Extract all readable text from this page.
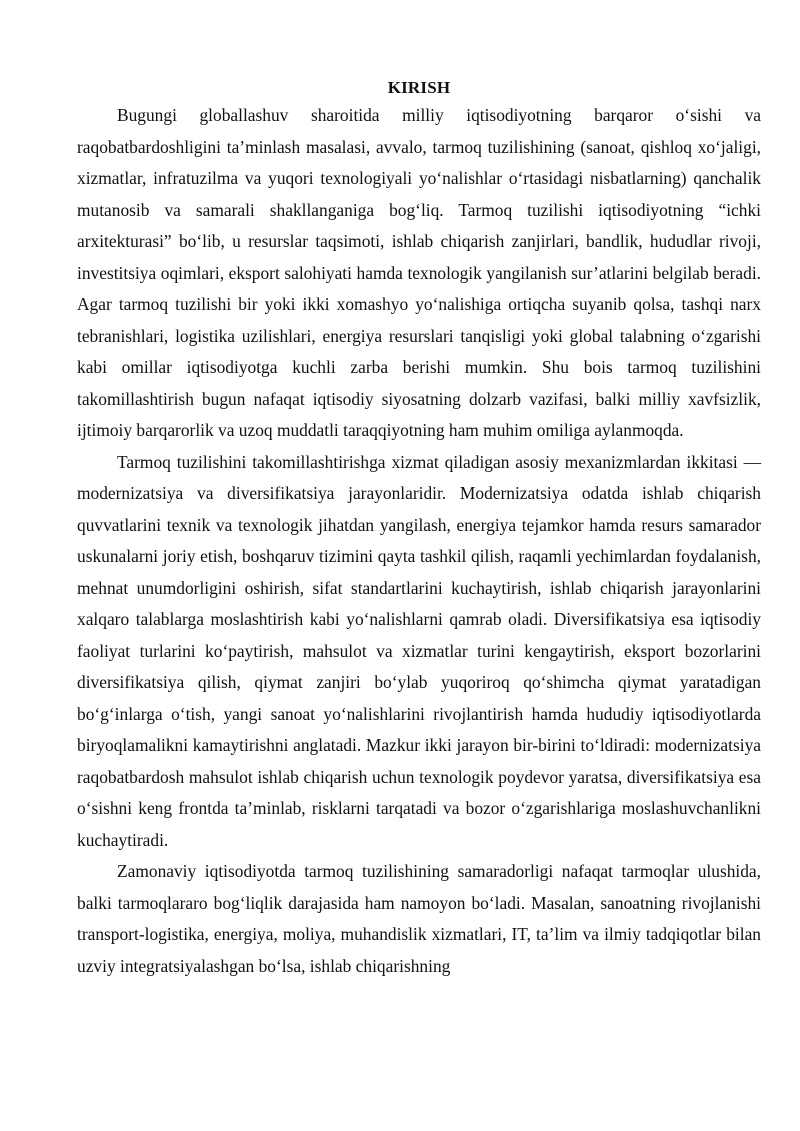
KIRISH

Bugungi globallashuv sharoitida milliy iqtisodiyotning barqaror o‘sishi va raqobatbardoshligini ta’minlash masalasi, avvalo, tarmoq tuzilishining (sanoat, qishloq xo‘jaligi, xizmatlar, infratuzilma va yuqori texnologiyali yo‘nalishlar o‘rtasidagi nisbatlarning) qanchalik mutanosib va samarali shakllanganiga bog‘liq. Tarmoq tuzilishi iqtisodiyotning “ichki arxitekturasi” bo‘lib, u resurslar taqsimoti, ishlab chiqarish zanjirlari, bandlik, hududlar rivoji, investitsiya oqimlari, eksport salohiyati hamda texnologik yangilanish sur’atlarini belgilab beradi. Agar tarmoq tuzilishi bir yoki ikki xomashyo yo‘nalishiga ortiqcha suyanib qolsa, tashqi narx tebranishlari, logistika uzilishlari, energiya resurslari tanqisligi yoki global talabning o‘zgarishi kabi omillar iqtisodiyotga kuchli zarba berishi mumkin. Shu bois tarmoq tuzilishini takomillashtirish bugun nafaqat iqtisodiy siyosatning dolzarb vazifasi, balki milliy xavfsizlik, ijtimoiy barqarorlik va uzoq muddatli taraqqiyotning ham muhim omiliga aylanmoqda.

Tarmoq tuzilishini takomillashtirishga xizmat qiladigan asosiy mexanizmlardan ikkitasi — modernizatsiya va diversifikatsiya jarayonlaridir. Modernizatsiya odatda ishlab chiqarish quvvatlarini texnik va texnologik jihatdan yangilash, energiya tejamkor hamda resurs samarador uskunalarni joriy etish, boshqaruv tizimini qayta tashkil qilish, raqamli yechimlardan foydalanish, mehnat unumdorligini oshirish, sifat standartlarini kuchaytirish, ishlab chiqarish jarayonlarini xalqaro talablarga moslashtirish kabi yo‘nalishlarni qamrab oladi. Diversifikatsiya esa iqtisodiy faoliyat turlarini ko‘paytirish, mahsulot va xizmatlar turini kengaytirish, eksport bozorlarini diversifikatsiya qilish, qiymat zanjiri bo‘ylab yuqoriroq qo‘shimcha qiymat yaratadigan bo‘g‘inlarga o‘tish, yangi sanoat yo‘nalishlarini rivojlantirish hamda hududiy iqtisodiyotlarda biryoqlamalikni kamaytirishni anglatadi. Mazkur ikki jarayon bir-birini to‘ldiradi: modernizatsiya raqobatbardosh mahsulot ishlab chiqarish uchun texnologik poydevor yaratsa, diversifikatsiya esa o‘sishni keng frontda ta’minlab, risklarni tarqatadi va bozor o‘zgarishlariga moslashuvchanlikni kuchaytiradi.

Zamonaviy iqtisodiyotda tarmoq tuzilishining samaradorligi nafaqat tarmoqlar ulushida, balki tarmoqlararo bog‘liqlik darajasida ham namoyon bo‘ladi. Masalan, sanoatning rivojlanishi transport-logistika, energiya, moliya, muhandislik xizmatlari, IT, ta’lim va ilmiy tadqiqotlar bilan uzviy integratsiyalashgan bo‘lsa, ishlab chiqarishning
